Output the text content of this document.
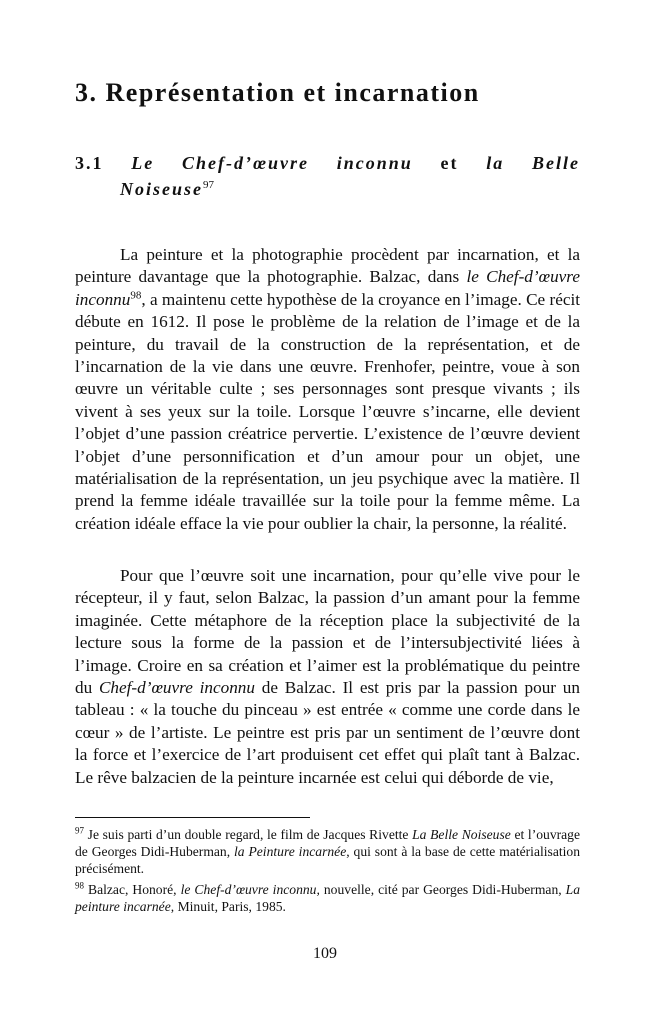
3. Représentation et incarnation
3.1 Le Chef-d’œuvre inconnu et la Belle
Noiseuse$^{97}$

La peinture et la photographie procèdent par incarnation, et la peinture davantage que la photographie. Balzac, dans le Chef-d’œuvre inconnu$^{98}$, a maintenu cette hypothèse de la croyance en l’image. Ce récit débute en 1612. Il pose le problème de la relation de l’image et de la peinture, du travail de la construction de la représentation, et de l’incarnation de la vie dans une œuvre. Frenhofer, peintre, voue à son œuvre un véritable culte ; ses personnages sont presque vivants ; ils vivent à ses yeux sur la toile. Lorsque l’œuvre s’incarne, elle devient l’objet d’une passion créatrice pervertie. L’existence de l’œuvre devient l’objet d’une personnification et d’un amour pour un objet, une matérialisation de la représentation, un jeu psychique avec la matière. Il prend la femme idéale travaillée sur la toile pour la femme même. La création idéale efface la vie pour oublier la chair, la personne, la réalité.

Pour que l’œuvre soit une incarnation, pour qu’elle vive pour le récepteur, il y faut, selon Balzac, la passion d’un amant pour la femme imaginée. Cette métaphore de la réception place la subjectivité de la lecture sous la forme de la passion et de l’intersubjectivité liées à l’image. Croire en sa création et l’aimer est la problématique du peintre du Chef-d’œuvre inconnu de Balzac. Il est pris par la passion pour un tableau : « la touche du pinceau » est entrée « comme une corde dans le cœur » de l’artiste. Le peintre est pris par un sentiment de l’œuvre dont la force et l’exercice de l’art produisent cet effet qui plaît tant à Balzac. Le rêve balzacien de la peinture incarnée est celui qui déborde de vie,

$^{97}$ Je suis parti d’un double regard, le film de Jacques Rivette La Belle Noiseuse et l’ouvrage de Georges Didi-Huberman, la Peinture incarnée, qui sont à la base de cette matérialisation précisément.

$^{98}$ Balzac, Honoré, le Chef-d’œuvre inconnu, nouvelle, cité par Georges Didi-Huberman, La peinture incarnée, Minuit, Paris, 1985.

109
